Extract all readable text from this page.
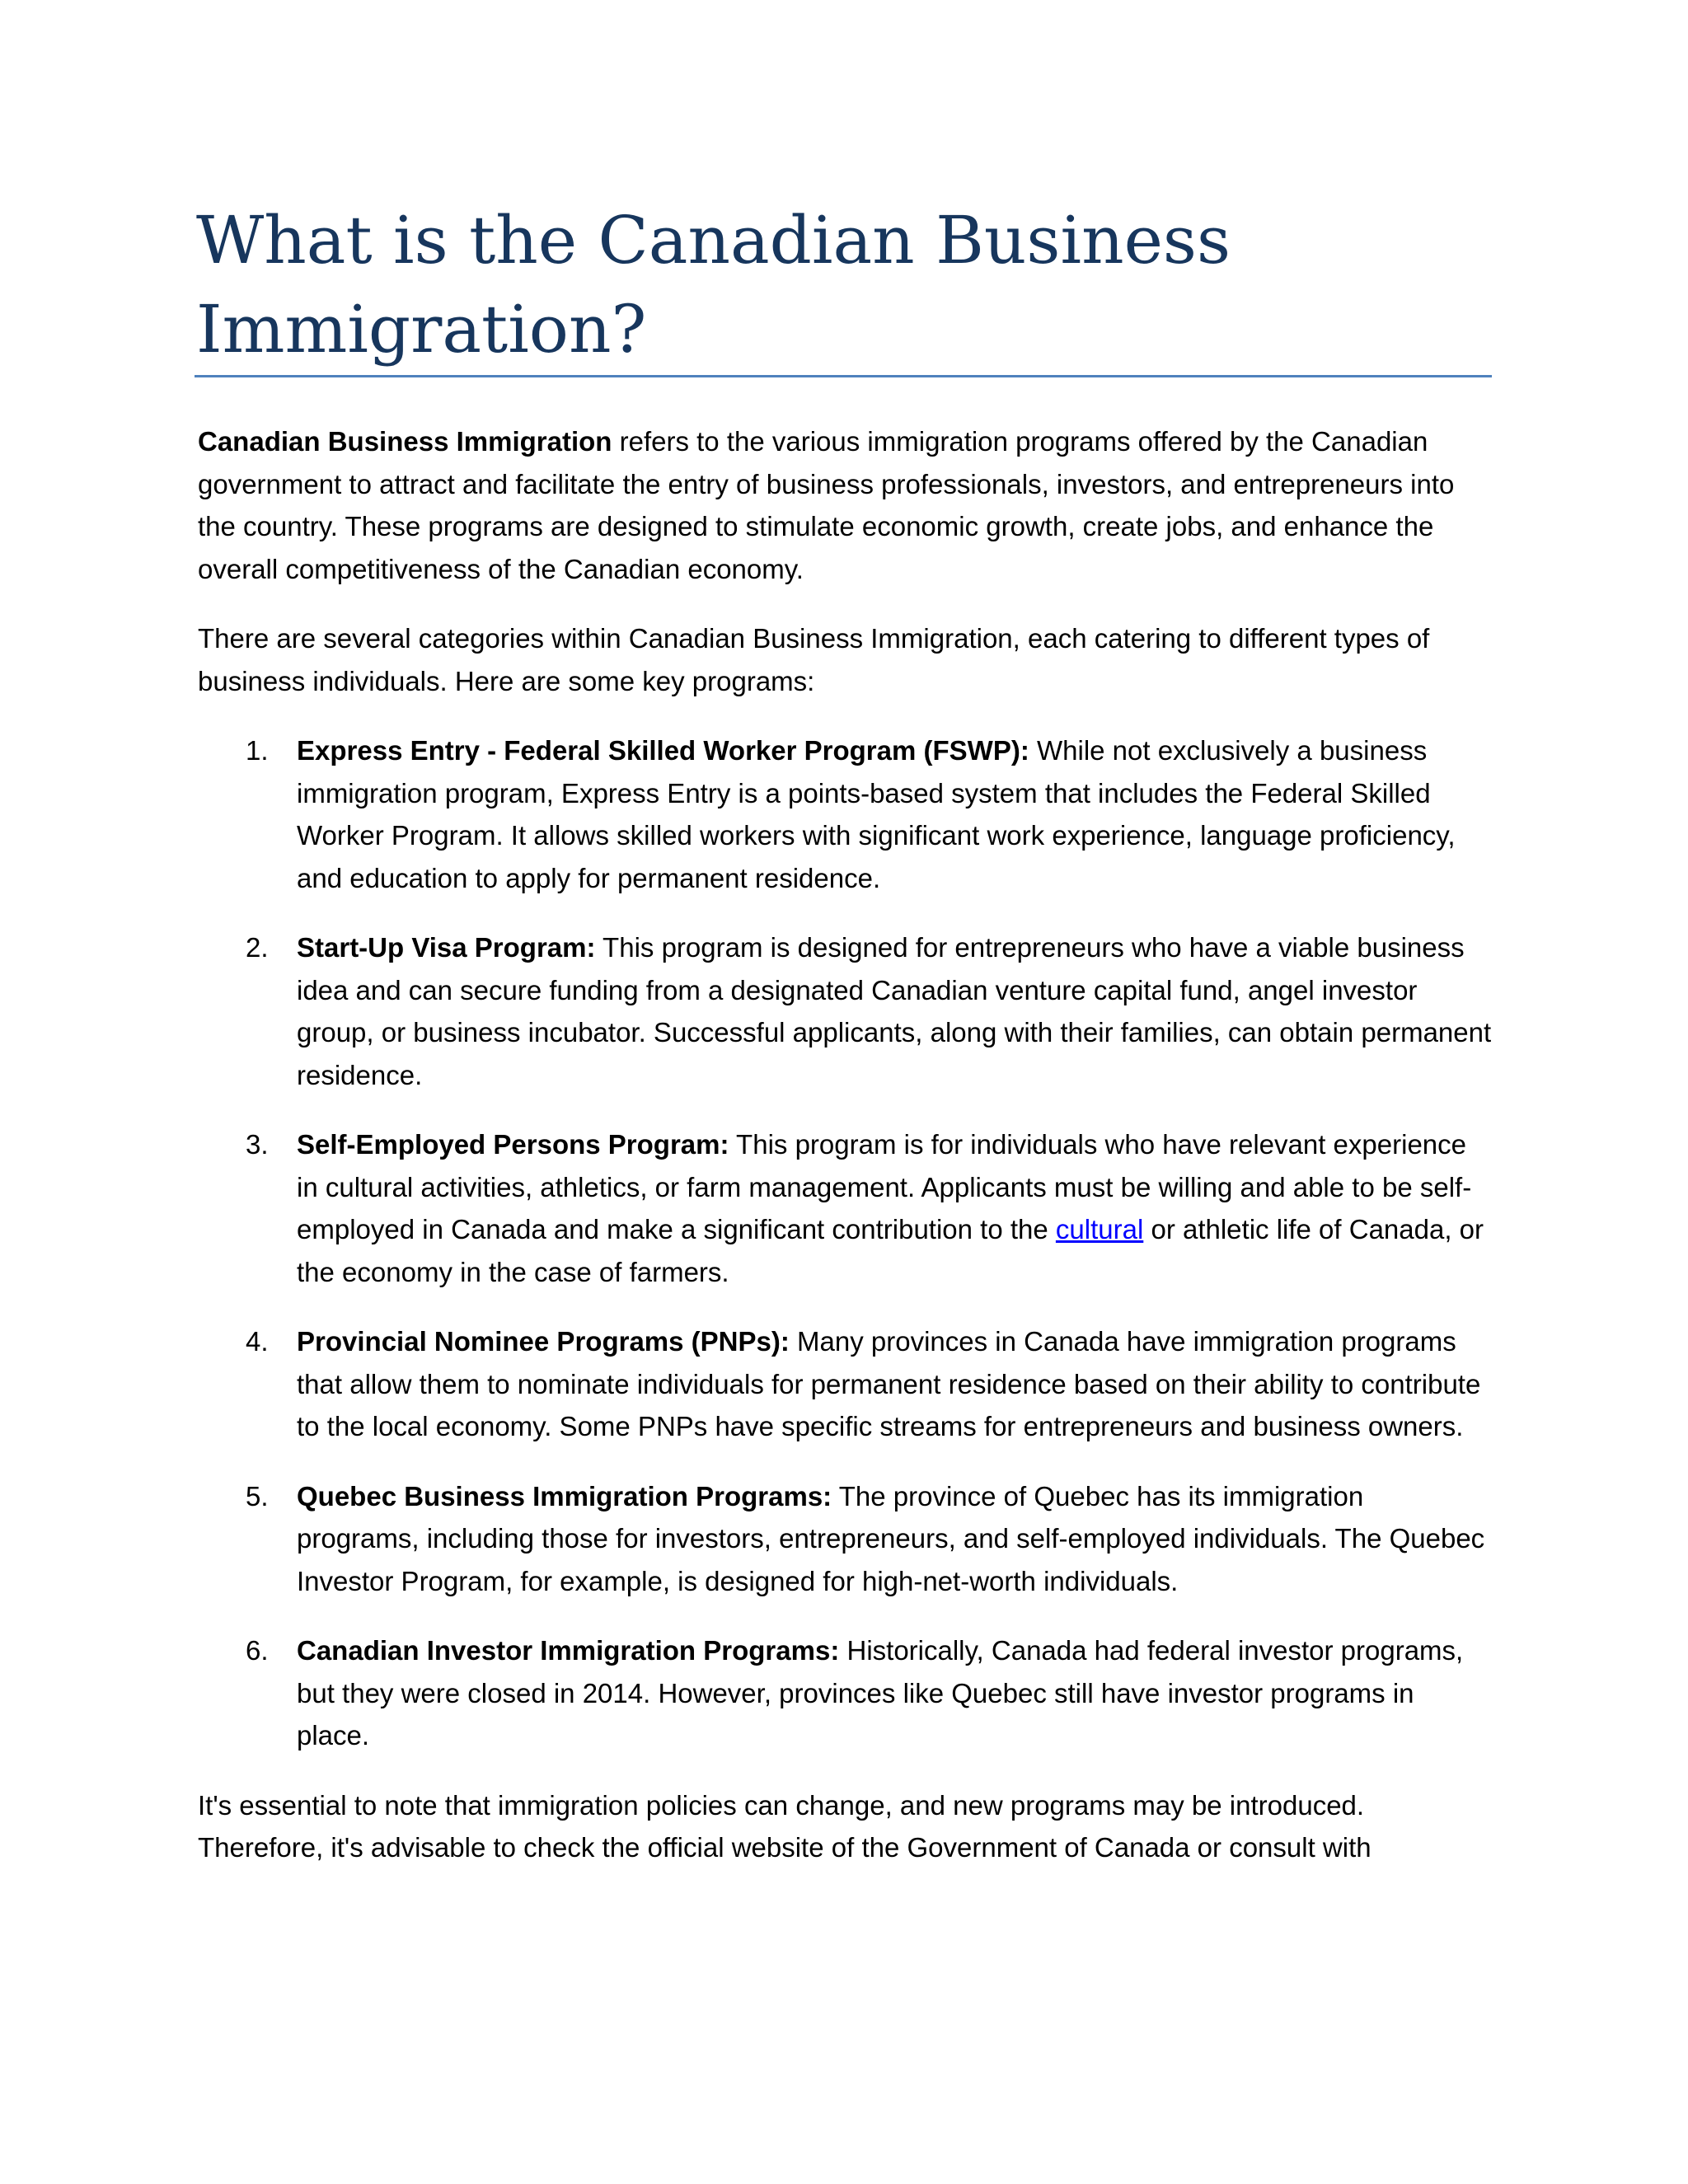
What is the Canadian Business Immigration?

Canadian Business Immigration refers to the various immigration programs offered by the Canadian government to attract and facilitate the entry of business professionals, investors, and entrepreneurs into the country. These programs are designed to stimulate economic growth, create jobs, and enhance the overall competitiveness of the Canadian economy.

There are several categories within Canadian Business Immigration, each catering to different types of business individuals. Here are some key programs:

1. Express Entry - Federal Skilled Worker Program (FSWP): While not exclusively a business immigration program, Express Entry is a points-based system that includes the Federal Skilled Worker Program. It allows skilled workers with significant work experience, language proficiency, and education to apply for permanent residence.
2. Start-Up Visa Program: This program is designed for entrepreneurs who have a viable business idea and can secure funding from a designated Canadian venture capital fund, angel investor group, or business incubator. Successful applicants, along with their families, can obtain permanent residence.
3. Self-Employed Persons Program: This program is for individuals who have relevant experience in cultural activities, athletics, or farm management. Applicants must be willing and able to be self-employed in Canada and make a significant contribution to the cultural or athletic life of Canada, or the economy in the case of farmers.
4. Provincial Nominee Programs (PNPs): Many provinces in Canada have immigration programs that allow them to nominate individuals for permanent residence based on their ability to contribute to the local economy. Some PNPs have specific streams for entrepreneurs and business owners.
5. Quebec Business Immigration Programs: The province of Quebec has its immigration programs, including those for investors, entrepreneurs, and self-employed individuals. The Quebec Investor Program, for example, is designed for high-net-worth individuals.
6. Canadian Investor Immigration Programs: Historically, Canada had federal investor programs, but they were closed in 2014. However, provinces like Quebec still have investor programs in place.

It's essential to note that immigration policies can change, and new programs may be introduced. Therefore, it's advisable to check the official website of the Government of Canada or consult with
